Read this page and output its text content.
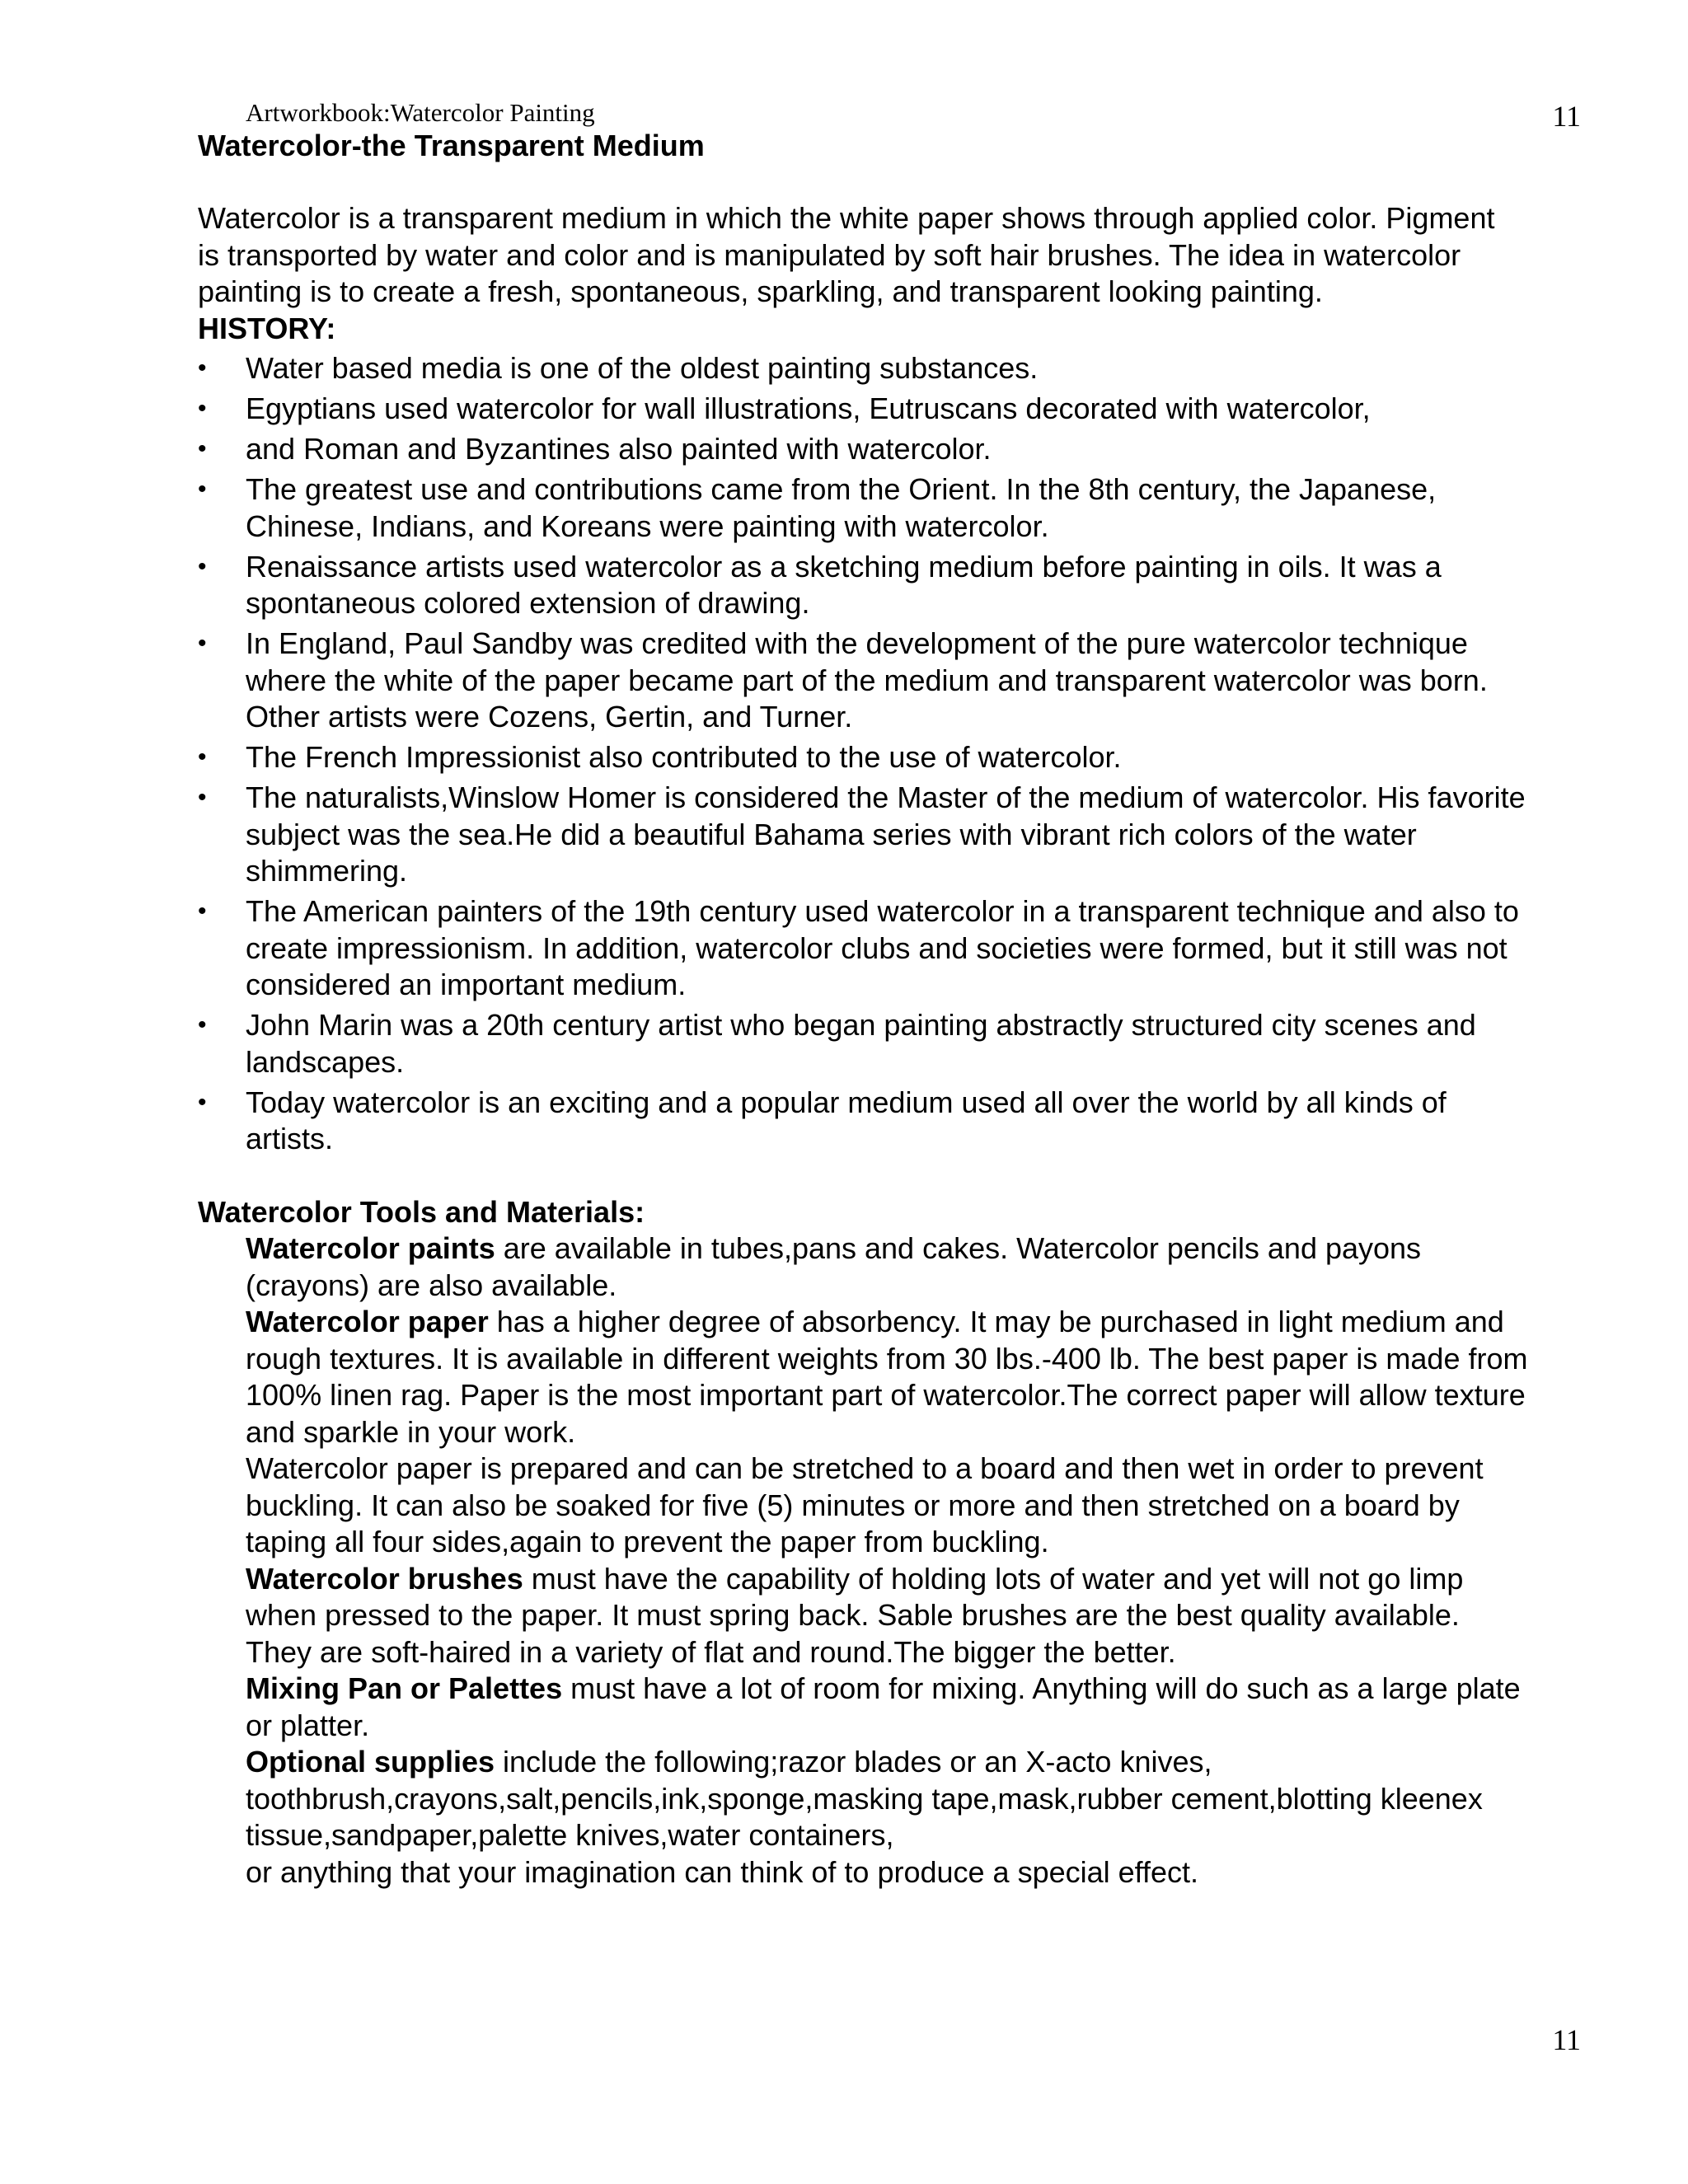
Artworkbook:Watercolor Painting	11
Watercolor-the Transparent Medium

Watercolor is a transparent medium in which the white paper shows through applied color. Pigment is transported by water and color and is manipulated by soft hair brushes. The idea in watercolor painting is to create a fresh, spontaneous, sparkling, and transparent looking painting.

HISTORY:

• Water based media is one of the oldest painting substances.
• Egyptians used watercolor for wall illustrations, Eutruscans decorated with watercolor,
• and Roman and Byzantines also painted with watercolor.
• The greatest use and contributions came from the Orient. In the 8th century, the Japanese, Chinese, Indians, and Koreans were painting with watercolor.
• Renaissance artists used watercolor as a sketching medium before painting in oils. It was a spontaneous colored extension of drawing.
• In England, Paul Sandby was credited with the development of the pure watercolor technique where the white of the paper became part of the medium and transparent watercolor was born. Other artists were Cozens, Gertin, and Turner.
• The French Impressionist also contributed to the use of watercolor.
• The naturalists,Winslow Homer is considered the Master of the medium of watercolor. His favorite subject was the sea.He did a beautiful Bahama series with vibrant rich colors of the water shimmering.
• The American painters of the 19th century used watercolor in a transparent technique and also to create impressionism. In addition, watercolor clubs and societies were formed, but it still was not considered an important medium.
• John Marin was a 20th century artist who began painting abstractly structured city scenes and landscapes.
• Today watercolor is an exciting and a popular medium used all over the world by all kinds of artists.

Watercolor Tools and Materials:

Watercolor paints are available in tubes,pans and cakes. Watercolor pencils and payons (crayons) are also available.

Watercolor paper has a higher degree of absorbency. It may be purchased in light medium and rough textures. It is available in different weights from 30 lbs.-400 lb. The best paper is made from 100% linen rag. Paper is the most important part of watercolor.The correct paper will allow texture and sparkle in your work.

Watercolor paper is prepared and can be stretched to a board and then wet in order to prevent buckling. It can also be soaked for five (5) minutes or more and then stretched on a board by taping all four sides,again to prevent the paper from buckling.

Watercolor brushes must have the capability of holding lots of water and yet will not go limp when pressed to the paper. It must spring back. Sable brushes are the best quality available. They are soft-haired in a variety of flat and round.The bigger the better.

Mixing Pan or Palettes must have a lot of room for mixing. Anything will do such as a large plate or platter.

Optional supplies include the following;razor blades or an X-acto knives, toothbrush,crayons,salt,pencils,ink,sponge,masking tape,mask,rubber cement,blotting kleenex tissue,sandpaper,palette knives,water containers,

or anything that your imagination can think of to produce a special effect.

11
